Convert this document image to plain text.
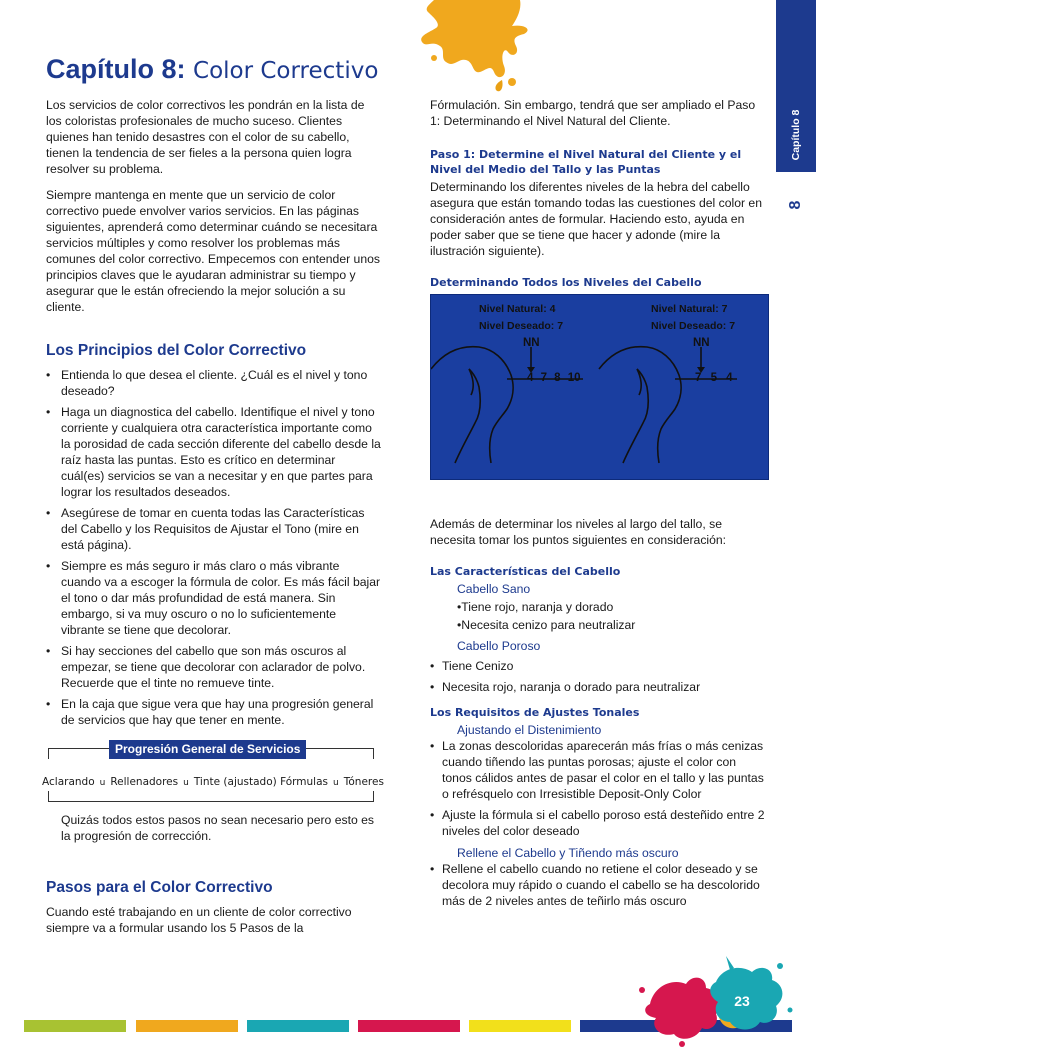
Capítulo 8
8
Capítulo 8: Color Correctivo

Los servicios de color correctivos les pondrán en la lista de los coloristas profesionales de mucho suceso. Clientes quienes han tenido desastres con el color de su cabello, tienen la tendencia de ser fieles a la persona quien logra resolver su problema.

Siempre mantenga en mente que un servicio de color correctivo puede envolver varios servicios. En las páginas siguientes, aprenderá como determinar cuándo se necesitara servicios múltiples y como resolver los problemas más comunes del color correctivo. Empecemos con entender unos principios claves que le ayudaran administrar su tiempo y asegurar que le están ofreciendo la mejor solución a su cliente.

Los Principios del Color Correctivo
• Entienda lo que desea el cliente. ¿Cuál es el nivel y tono deseado?
• Haga un diagnostica del cabello. Identifique el nivel y tono corriente y cualquiera otra característica importante como la porosidad de cada sección diferente del cabello desde la raíz hasta las puntas. Esto es crítico en determinar cuál(es) servicios se van a necesitar y en que partes para lograr los resultados deseados.
• Asegúrese de tomar en cuenta todas las Características del Cabello y los Requisitos de Ajustar el Tono (mire en está página).
• Siempre es más seguro ir más claro o más vibrante cuando va a escoger la fórmula de color. Es más fácil bajar el tono o dar más profundidad de está manera. Sin embargo, si va muy oscuro o no lo suficientemente vibrante se tiene que decolorar.
• Si hay secciones del cabello que son más oscuros al empezar, se tiene que decolorar con aclarador de polvo. Recuerde que el tinte no remueve tinte.
• En la caja que sigue vera que hay una progresión general de servicios que hay que tener en mente.
Progresión General de Servicios
Aclarando u Rellenadores u Tinte (ajustado) Fórmulas u Tóneres

Quizás todos estos pasos no sean necesario pero esto es la progresión de corrección.

Pasos para el Color Correctivo

Cuando esté trabajando en un cliente de color correctivo siempre va a formular usando los 5 Pasos de la

Fórmulación. Sin embargo, tendrá que ser ampliado el Paso 1: Determinando el Nivel Natural del Cliente.

Paso 1: Determine el Nivel Natural del Cliente y el Nivel del Medio del Tallo y las Puntas

Determinando los diferentes niveles de la hebra del cabello asegura que están tomando todas las cuestiones del color en consideración antes de formular. Haciendo esto, ayuda en poder saber que se tiene que hacer y adonde (mire la ilustración siguiente).

Determinando Todos los Niveles del Cabello
Nivel Natural: 4
Nivel Deseado: 7
NN
4 7 8 10
Nivel Natural: 7
Nivel Deseado: 7
NN
7 5 4

Además de determinar los niveles al largo del tallo, se necesita tomar los puntos siguientes en consideración:

Las Características del Cabello
Cabello Sano
•Tiene rojo, naranja y dorado
•Necesita cenizo para neutralizar
Cabello Poroso
• Tiene Cenizo
• Necesita rojo, naranja o dorado para neutralizar
Los Requisitos de Ajustes Tonales
Ajustando el Distenimiento
• La zonas descoloridas aparecerán más frías o más cenizas cuando tiñendo las puntas porosas; ajuste el color con tonos cálidos antes de pasar el color en el tallo y las puntas o refrésquelo con Irresistible Deposit-Only Color
• Ajuste la fórmula si el cabello poroso está desteñido entre 2 niveles del color deseado
Rellene el Cabello y Tiñendo más oscuro
• Rellene el cabello cuando no retiene el color deseado y se decolora muy rápido o cuando el cabello se ha descolorido más de 2 niveles antes de teñirlo más oscuro
23
